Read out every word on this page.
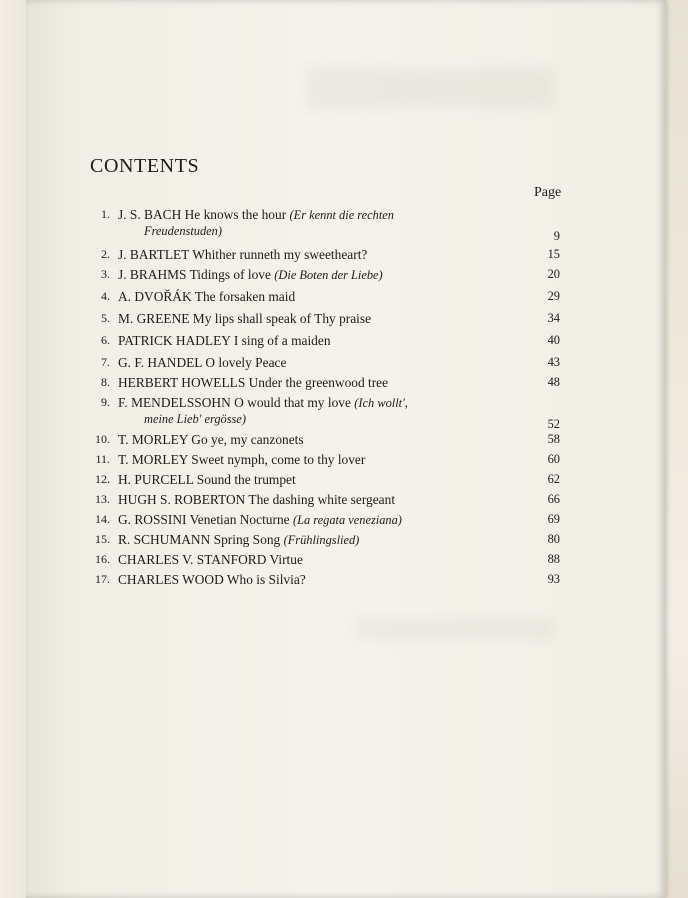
CONTENTS
Page
1. J. S. BACH He knows the hour (Er kennt die rechten
Freudenstuden)	9
2. J. BARTLET Whither runneth my sweetheart?	15
3. J. BRAHMS Tidings of love (Die Boten der Liebe)	20
4. A. DVOŘÁK The forsaken maid	29
5. M. GREENE My lips shall speak of Thy praise	34
6. PATRICK HADLEY I sing of a maiden	40
7. G. F. HANDEL O lovely Peace	43
8. HERBERT HOWELLS Under the greenwood tree	48
9. F. MENDELSSOHN O would that my love (Ich wollt',
meine Lieb' ergösse)	52
10. T. MORLEY Go ye, my canzonets	58
11. T. MORLEY Sweet nymph, come to thy lover	60
12. H. PURCELL Sound the trumpet	62
13. HUGH S. ROBERTON The dashing white sergeant	66
14. G. ROSSINI Venetian Nocturne (La regata veneziana)	69
15. R. SCHUMANN Spring Song (Frühlingslied)	80
16. CHARLES V. STANFORD Virtue	88
17. CHARLES WOOD Who is Silvia?	93
